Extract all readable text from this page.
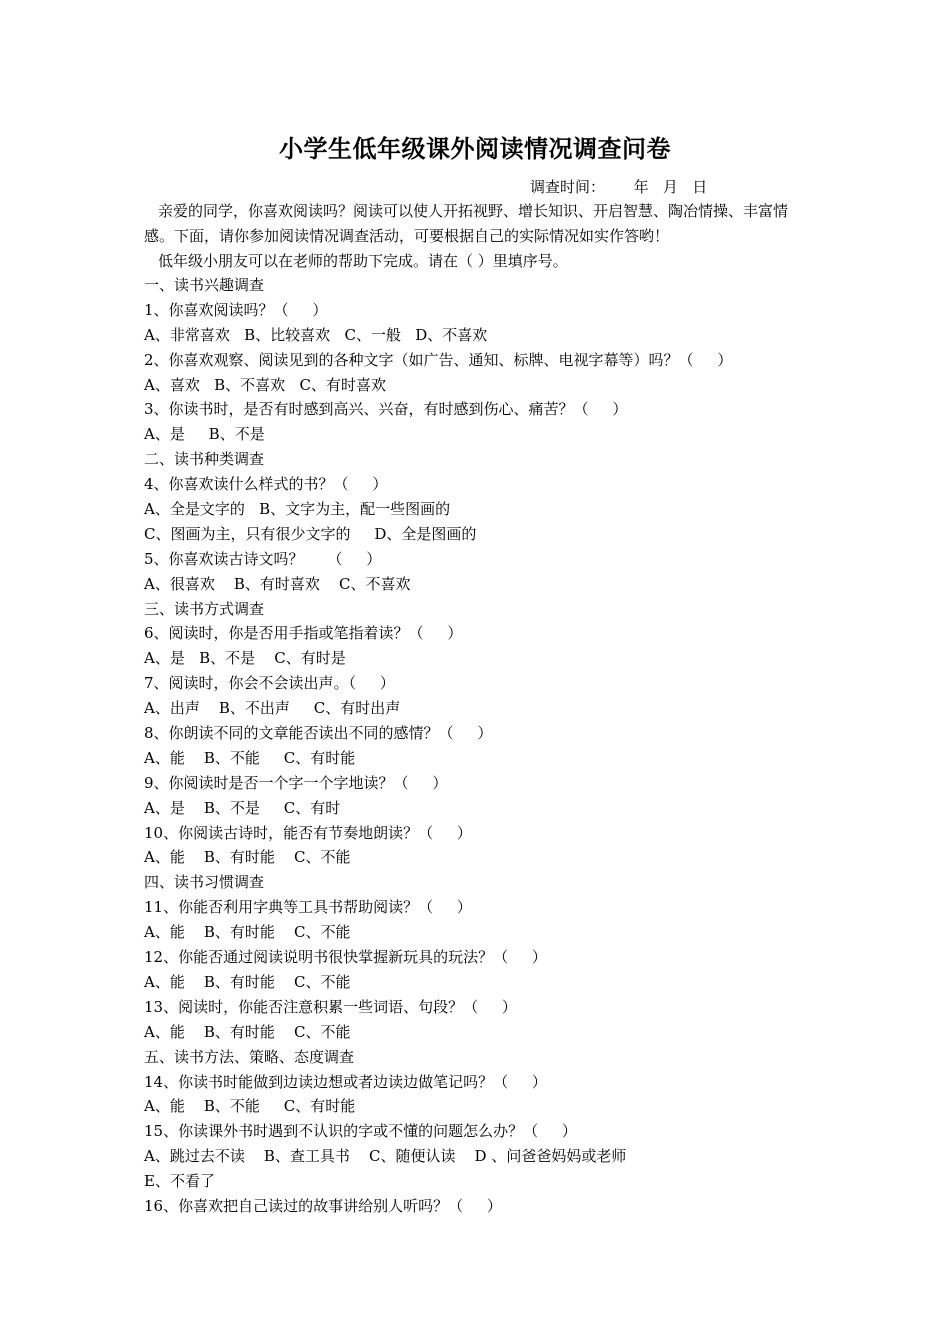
小学生低年级课外阅读情况调查问卷
调查时间：      年   月   日

亲爱的同学，你喜欢阅读吗？阅读可以使人开拓视野、增长知识、开启智慧、陶冶情操、丰富情感。下面，请你参加阅读情况调查活动，可要根据自己的实际情况如实作答哟！

低年级小朋友可以在老师的帮助下完成。请在（ ）里填序号。

一、读书兴趣调查
1、你喜欢阅读吗？（     ）
A、非常喜欢   B、比较喜欢   C、一般   D、不喜欢
2、你喜欢观察、阅读见到的各种文字（如广告、通知、标牌、电视字幕等）吗？（     ）
A、喜欢   B、不喜欢   C、有时喜欢
3、你读书时，是否有时感到高兴、兴奋，有时感到伤心、痛苦？（     ）
A、是     B、不是
二、读书种类调查
4、你喜欢读什么样式的书？（     ）
A、全是文字的   B、文字为主，配一些图画的
C、图画为主，只有很少文字的     D、全是图画的
5、你喜欢读古诗文吗？     （     ）
A、很喜欢    B、有时喜欢    C、不喜欢
三、读书方式调查
6、阅读时，你是否用手指或笔指着读？（     ）
A、是   B、不是    C、有时是
7、阅读时，你会不会读出声。（     ）
A、出声    B、不出声     C、有时出声
8、你朗读不同的文章能否读出不同的感情？（     ）
A、能    B、不能     C、有时能
9、你阅读时是否一个字一个字地读？（     ）
A、是    B、不是     C、有时
10、你阅读古诗时，能否有节奏地朗读？（     ）
A、能    B、有时能    C、不能
四、读书习惯调查
11、你能否利用字典等工具书帮助阅读？（     ）
A、能    B、有时能    C、不能
12、你能否通过阅读说明书很快掌握新玩具的玩法？（     ）
A、能    B、有时能    C、不能
13、阅读时，你能否注意积累一些词语、句段？（     ）
A、能    B、有时能    C、不能
五、读书方法、策略、态度调查
14、你读书时能做到边读边想或者边读边做笔记吗？（     ）
A、能    B、不能     C、有时能
15、你读课外书时遇到不认识的字或不懂的问题怎么办？（     ）
A、跳过去不读    B、查工具书    C、随便认读    D 、问爸爸妈妈或老师
E、不看了
16、你喜欢把自己读过的故事讲给别人听吗？（     ）
